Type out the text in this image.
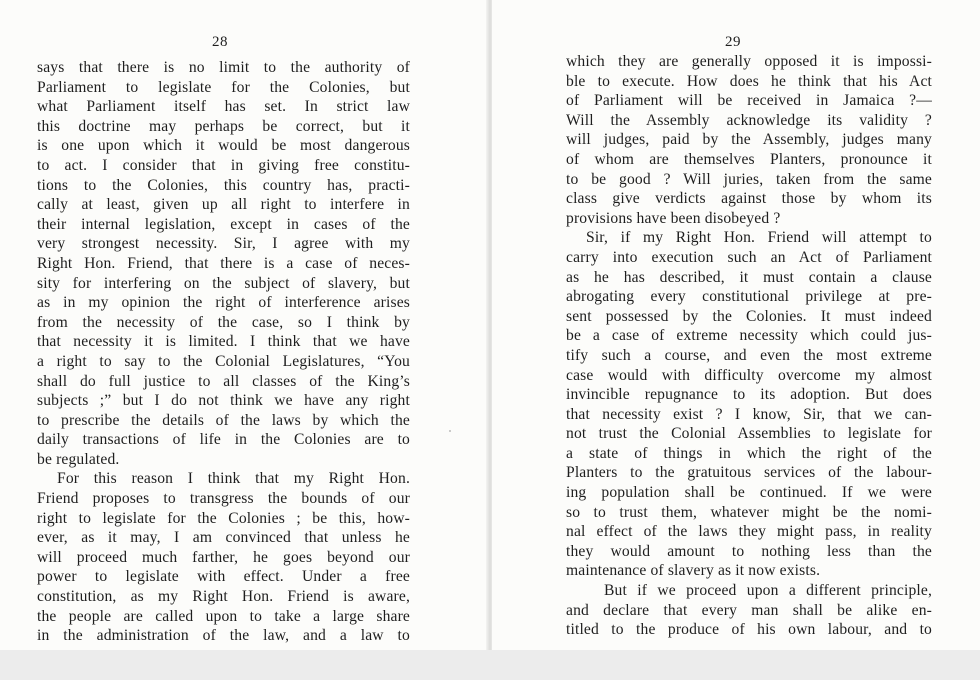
28
says that there is no limit to the authority of
Parliament to legislate for the Colonies, but
what Parliament itself has set. In strict law
this doctrine may perhaps be correct, but it
is one upon which it would be most dangerous
to act. I consider that in giving free constitu-
tions to the Colonies, this country has, practi-
cally at least, given up all right to interfere in
their internal legislation, except in cases of the
very strongest necessity. Sir, I agree with my
Right Hon. Friend, that there is a case of neces-
sity for interfering on the subject of slavery, but
as in my opinion the right of interference arises
from the necessity of the case, so I think by
that necessity it is limited. I think that we have
a right to say to the Colonial Legislatures, “You
shall do full justice to all classes of the King’s
subjects ;” but I do not think we have any right
to prescribe the details of the laws by which the
daily transactions of life in the Colonies are to
be regulated.
For this reason I think that my Right Hon.
Friend proposes to transgress the bounds of our
right to legislate for the Colonies ; be this, how-
ever, as it may, I am convinced that unless he
will proceed much farther, he goes beyond our
power to legislate with effect. Under a free
constitution, as my Right Hon. Friend is aware,
the people are called upon to take a large share
in the administration of the law, and a law to
29
which they are generally opposed it is impossi-
ble to execute. How does he think that his Act
of Parliament will be received in Jamaica ?—
Will the Assembly acknowledge its validity ?
will judges, paid by the Assembly, judges many
of whom are themselves Planters, pronounce it
to be good ? Will juries, taken from the same
class give verdicts against those by whom its
provisions have been disobeyed ?
Sir, if my Right Hon. Friend will attempt to
carry into execution such an Act of Parliament
as he has described, it must contain a clause
abrogating every constitutional privilege at pre-
sent possessed by the Colonies. It must indeed
be a case of extreme necessity which could jus-
tify such a course, and even the most extreme
case would with difficulty overcome my almost
invincible repugnance to its adoption. But does
that necessity exist ? I know, Sir, that we can-
not trust the Colonial Assemblies to legislate for
a state of things in which the right of the
Planters to the gratuitous services of the labour-
ing population shall be continued. If we were
so to trust them, whatever might be the nomi-
nal effect of the laws they might pass, in reality
they would amount to nothing less than the
maintenance of slavery as it now exists.
But if we proceed upon a different principle,
and declare that every man shall be alike en-
titled to the produce of his own labour, and to
